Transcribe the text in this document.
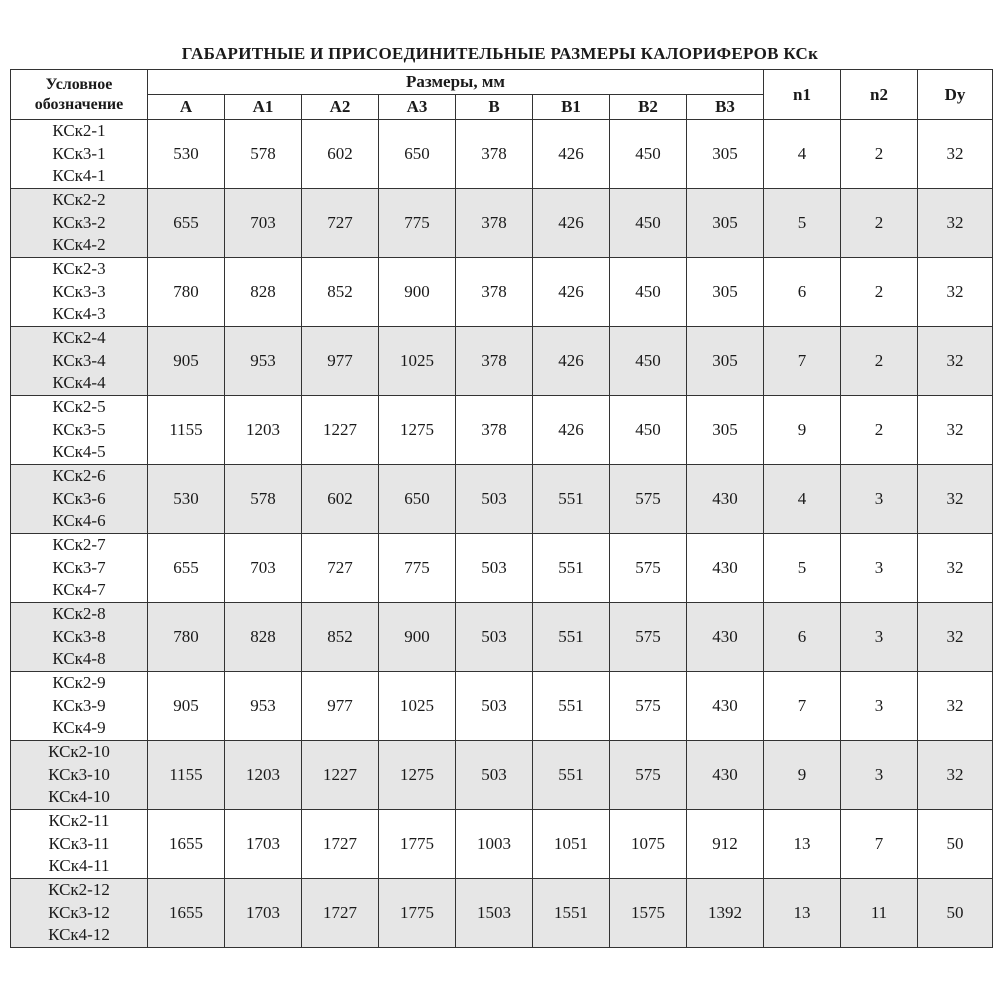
ГАБАРИТНЫЕ И ПРИСОЕДИНИТЕЛЬНЫЕ РАЗМЕРЫ КАЛОРИФЕРОВ КСк
Условное
обозначение	Размеры, мм								n1	n2	Dy
	A	A1	A2	A3	B	B1	B2	B3			
КСк2-1
КСк3-1
КСк4-1	530	578	602	650	378	426	450	305	4	2	32
КСк2-2
КСк3-2
КСк4-2	655	703	727	775	378	426	450	305	5	2	32
КСк2-3
КСк3-3
КСк4-3	780	828	852	900	378	426	450	305	6	2	32
КСк2-4
КСк3-4
КСк4-4	905	953	977	1025	378	426	450	305	7	2	32
КСк2-5
КСк3-5
КСк4-5	1155	1203	1227	1275	378	426	450	305	9	2	32
КСк2-6
КСк3-6
КСк4-6	530	578	602	650	503	551	575	430	4	3	32
КСк2-7
КСк3-7
КСк4-7	655	703	727	775	503	551	575	430	5	3	32
КСк2-8
КСк3-8
КСк4-8	780	828	852	900	503	551	575	430	6	3	32
КСк2-9
КСк3-9
КСк4-9	905	953	977	1025	503	551	575	430	7	3	32
КСк2-10
КСк3-10
КСк4-10	1155	1203	1227	1275	503	551	575	430	9	3	32
КСк2-11
КСк3-11
КСк4-11	1655	1703	1727	1775	1003	1051	1075	912	13	7	50
КСк2-12
КСк3-12
КСк4-12	1655	1703	1727	1775	1503	1551	1575	1392	13	11	50
